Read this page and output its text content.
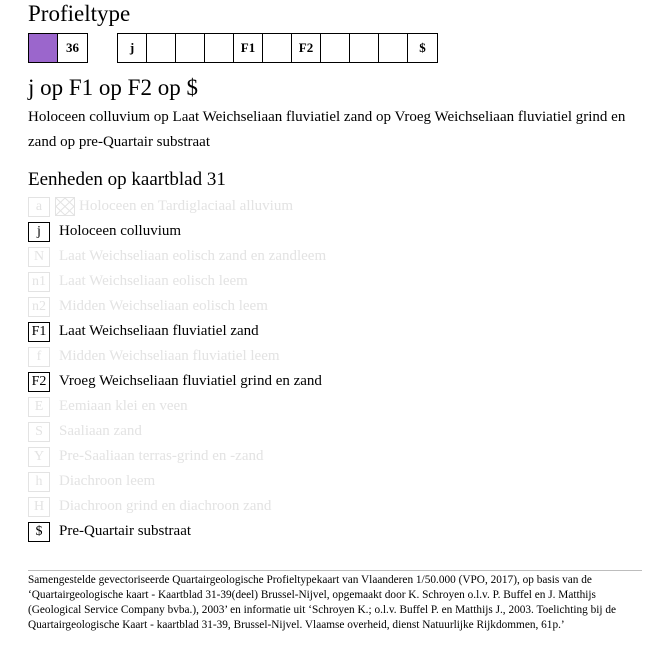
Profieltype
36	j	F1	F2	$
j op F1 op F2 op $
Holoceen colluvium op Laat Weichseliaan fluviatiel zand op Vroeg Weichseliaan fluviatiel grind en zand op pre-Quartair substraat
Eenheden op kaartblad 31
a	Holoceen en Tardiglaciaal alluvium
j	Holoceen colluvium
N Laat Weichseliaan eolisch zand en zandleem
n1 Laat Weichseliaan eolisch leem
n2 Midden Weichseliaan eolisch leem
F1 Laat Weichseliaan fluviatiel zand
f	Midden Weichseliaan fluviatiel leem
F2 Vroeg Weichseliaan fluviatiel grind en zand
E	Eemiaan klei en veen
S	Saaliaan zand
Y Pre-Saaliaan terras-grind en -zand
h	Diachroon leem
H Diachroon grind en diachroon zand
$	Pre-Quartair substraat
Samengestelde gevectoriseerde Quartairgeologische Profieltypekaart van Vlaanderen 1/50.000 (VPO, 2017), op basis van de ‘Quartairgeologische kaart - Kaartblad 31-39(deel) Brussel-Nijvel, opgemaakt door K. Schroyen o.l.v. P. Buffel en J. Matthijs (Geological Service Company bvba.), 2003’ en informatie uit ‘Schroyen K.; o.l.v. Buffel P. en Matthijs J., 2003. Toelichting bij de Quartairgeologische Kaart - kaartblad 31-39, Brussel-Nijvel. Vlaamse overheid, dienst Natuurlijke Rijkdommen, 61p.’
